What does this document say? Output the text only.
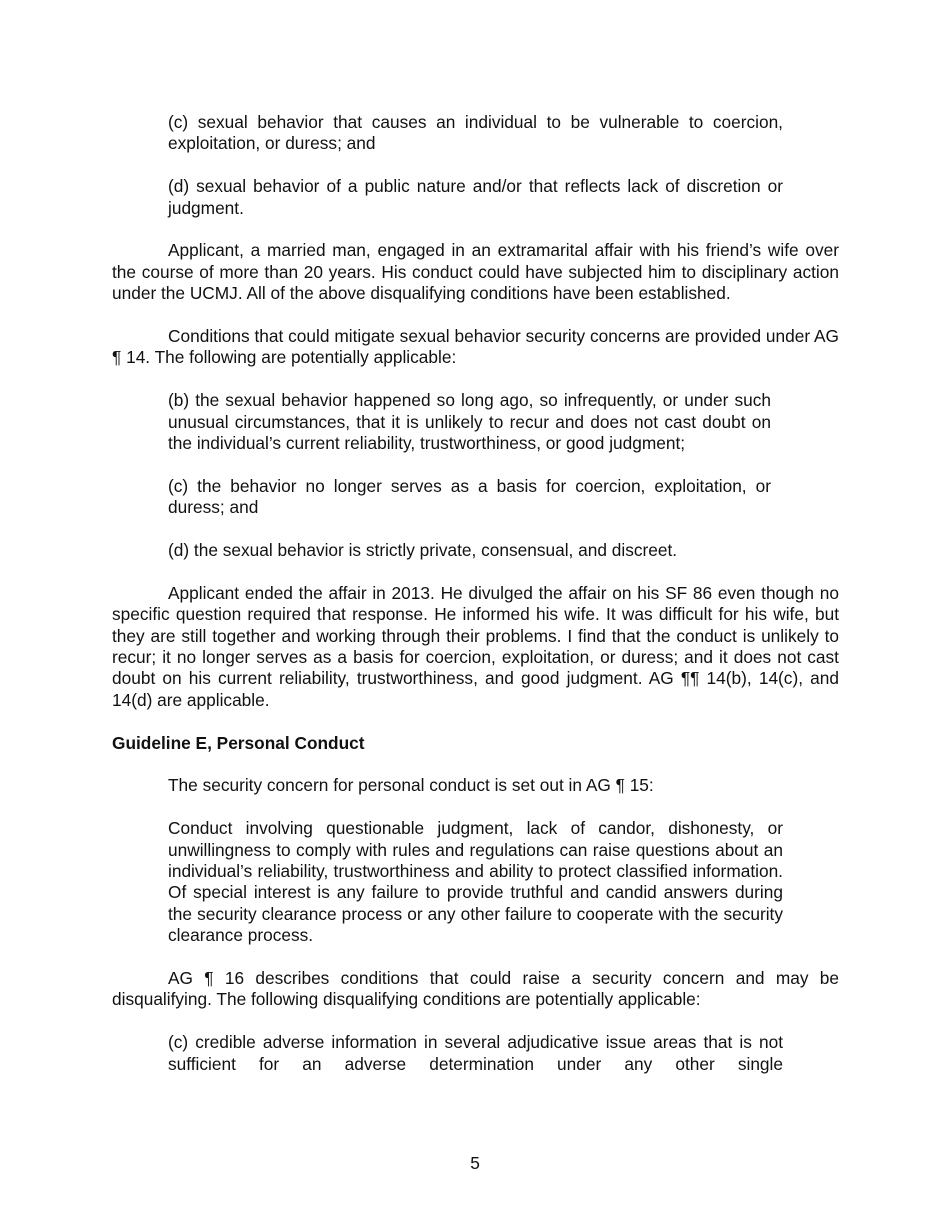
(c) sexual behavior that causes an individual to be vulnerable to coercion, exploitation, or duress; and

(d) sexual behavior of a public nature and/or that reflects lack of discretion or judgment.

Applicant, a married man, engaged in an extramarital affair with his friend’s wife over the course of more than 20 years. His conduct could have subjected him to disciplinary action under the UCMJ. All of the above disqualifying conditions have been established.

Conditions that could mitigate sexual behavior security concerns are provided under AG ¶ 14. The following are potentially applicable:

(b) the sexual behavior happened so long ago, so infrequently, or under such unusual circumstances, that it is unlikely to recur and does not cast doubt on the individual’s current reliability, trustworthiness, or good judgment;

(c) the behavior no longer serves as a basis for coercion, exploitation, or duress; and

(d) the sexual behavior is strictly private, consensual, and discreet.

Applicant ended the affair in 2013. He divulged the affair on his SF 86 even though no specific question required that response. He informed his wife. It was difficult for his wife, but they are still together and working through their problems. I find that the conduct is unlikely to recur; it no longer serves as a basis for coercion, exploitation, or duress; and it does not cast doubt on his current reliability, trustworthiness, and good judgment. AG ¶¶ 14(b), 14(c), and 14(d) are applicable.

Guideline E, Personal Conduct

The security concern for personal conduct is set out in AG ¶ 15:

Conduct involving questionable judgment, lack of candor, dishonesty, or unwillingness to comply with rules and regulations can raise questions about an individual’s reliability, trustworthiness and ability to protect classified information. Of special interest is any failure to provide truthful and candid answers during the security clearance process or any other failure to cooperate with the security clearance process.

AG ¶ 16 describes conditions that could raise a security concern and may be disqualifying. The following disqualifying conditions are potentially applicable:

(c) credible adverse information in several adjudicative issue areas that is not sufficient for an adverse determination under any other single

5
